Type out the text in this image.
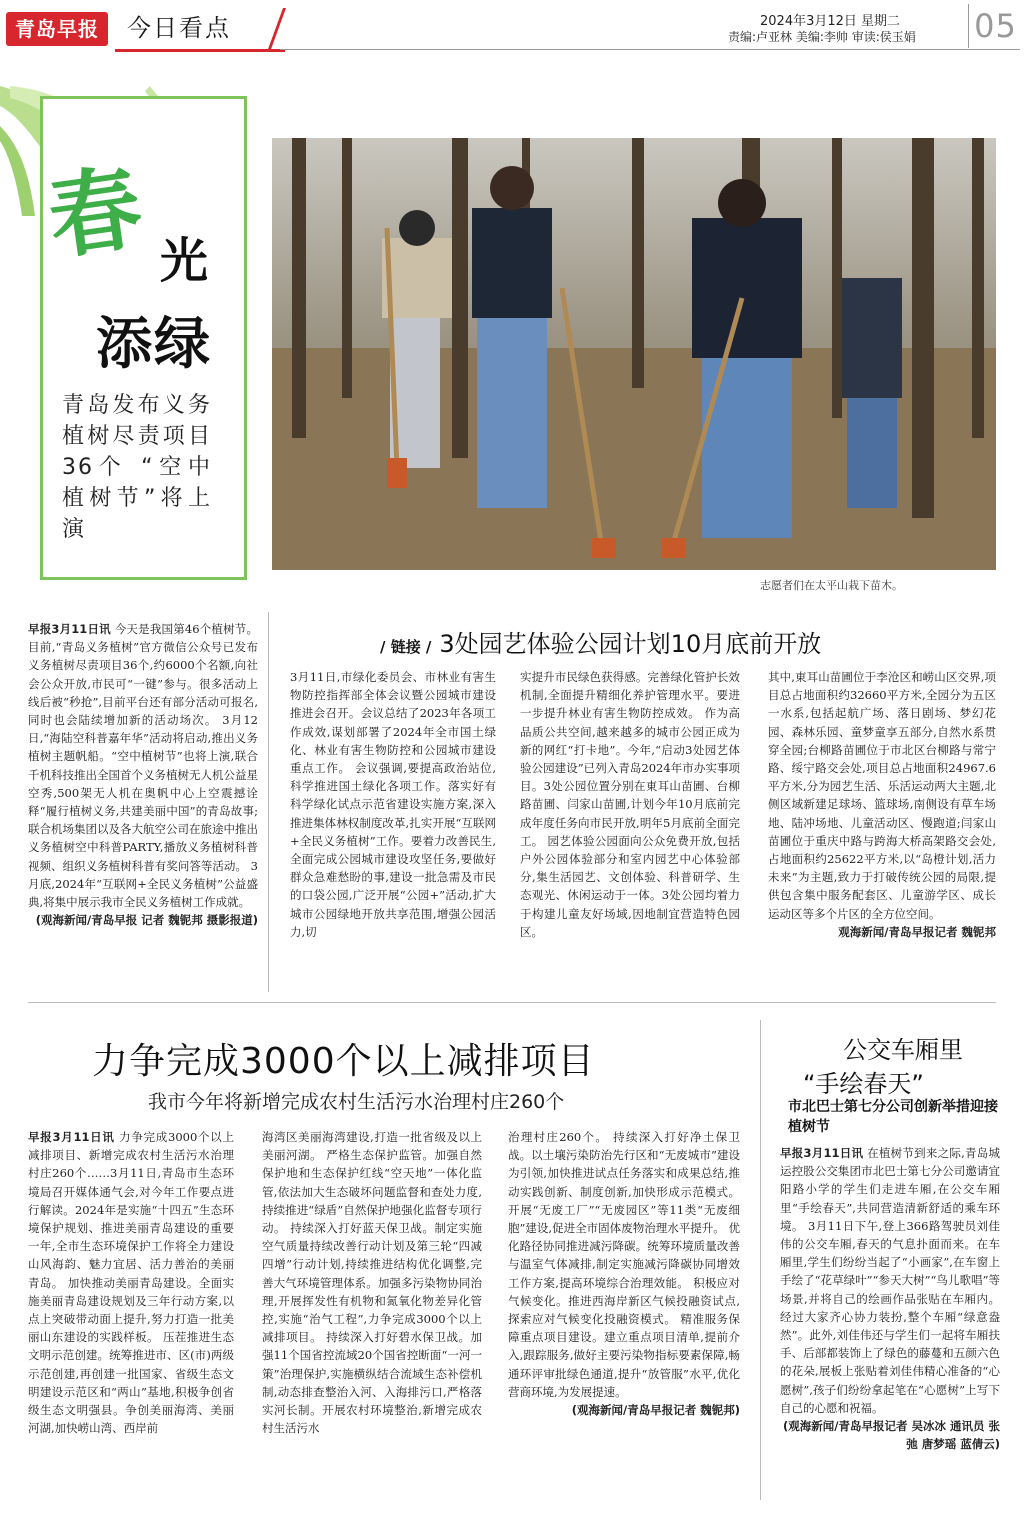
青岛早报	今日看点	2024年3月12日 星期二
责编:卢亚林 美编:李帅 审读:侯玉娟 05
春 光
添绿
青岛发布义务植树尽责项目36个 “空中植树节”将上演
志愿者们在太平山栽下苗木。
早报3月11日讯 今天是我国第46个植树节。目前,“青岛义务植树”官方微信公众号已发布义务植树尽责项目36个,约6000个名额,向社会公众开放,市民可“一键”参与。很多活动上线后被“秒抢”,目前平台还有部分活动可报名,同时也会陆续增加新的活动场次。 3月12日,“海陆空科普嘉年华”活动将启动,推出义务植树主题帆船。“空中植树节”也将上演,联合千机科技推出全国首个义务植树无人机公益星空秀,500架无人机在奥帆中心上空震撼诠释“履行植树义务,共建美丽中国”的青岛故事;联合机场集团以及各大航空公司在旅途中推出义务植树空中科普PARTY,播放义务植树科普视频、组织义务植树科普有奖问答等活动。 3月底,2024年“互联网+全民义务植树”公益盛典,将集中展示我市全民义务植树工作成就。
(观海新闻/青岛早报 记者 魏铌邦 摄影报道)
/ 链接 / 3处园艺体验公园计划10月底前开放
3月11日,市绿化委员会、市林业有害生物防控指挥部全体会议暨公园城市建设推进会召开。会议总结了2023年各项工作成效,谋划部署了2024年全市国土绿化、林业有害生物防控和公园城市建设重点工作。 会议强调,要提高政治站位,科学推进国土绿化各项工作。落实好有科学绿化试点示范省建设实施方案,深入推进集体林权制度改革,扎实开展“互联网+全民义务植树”工作。要着力改善民生,全面完成公园城市建设攻坚任务,要做好群众急难愁盼的事,建设一批急需及市民的口袋公园,广泛开展“公园+”活动,扩大城市公园绿地开放共享范围,增强公园活力,切
实提升市民绿色获得感。完善绿化管护长效机制,全面提升精细化养护管理水平。要进一步提升林业有害生物防控成效。 作为高品质公共空间,越来越多的城市公园正成为新的网红“打卡地”。今年,“启动3处园艺体验公园建设”已列入青岛2024年市办实事项目。3处公园位置分别在東耳山苗圃、台柳路苗圃、闫家山苗圃,计划今年10月底前完成年度任务向市民开放,明年5月底前全面完工。 园艺体验公园面向公众免费开放,包括户外公园体验部分和室内园艺中心体验部分,集生活园艺、文创体验、科普研学、生态观光、休闲运动于一体。3处公园均着力于构建儿童友好场域,因地制宜营造特色园区。
其中,東耳山苗圃位于李沧区和崂山区交界,项目总占地面积约32660平方米,全园分为五区一水系,包括起航广场、落日剧场、梦幻花园、森林乐园、童梦童享五部分,自然水系贯穿全园;台柳路苗圃位于市北区台柳路与常宁路、绥宁路交会处,项目总占地面积24967.6平方米,分为园艺生活、乐活运动两大主题,北侧区域新建足球场、篮球场,南侧设有草车场地、陆冲场地、儿童活动区、慢跑道;闫家山苗圃位于重庆中路与跨海大桥高架路交会处,占地面积约25622平方米,以“岛橙计划,活力未来”为主题,致力于打破传统公园的局限,提供包含集中服务配套区、儿童游学区、成长运动区等多个片区的全方位空间。
观海新闻/青岛早报记者 魏铌邦
力争完成3000个以上减排项目
我市今年将新增完成农村生活污水治理村庄260个
早报3月11日讯 力争完成3000个以上减排项目、新增完成农村生活污水治理村庄260个……3月11日,青岛市生态环境局召开媒体通气会,对今年工作要点进行解读。2024年是实施“十四五”生态环境保护规划、推进美丽青岛建设的重要一年,全市生态环境保护工作将全力建设山风海韵、魅力宜居、活力善治的美丽青岛。 加快推动美丽青岛建设。全面实施美丽青岛建设规划及三年行动方案,以点上突破带动面上提升,努力打造一批美丽山东建设的实践样板。 压茬推进生态文明示范创建。统筹推进市、区(市)两级示范创建,再创建一批国家、省级生态文明建设示范区和“两山”基地,积极争创省级生态文明强县。争创美丽海湾、美丽河湖,加快崂山湾、西岸前
海湾区美丽海湾建设,打造一批省级及以上美丽河湖。 严格生态保护监管。加强自然保护地和生态保护红线“空天地”一体化监管,依法加大生态破坏问题监督和查处力度,持续推进“绿盾”自然保护地强化监督专项行动。 持续深入打好蓝天保卫战。制定实施空气质量持续改善行动计划及第三轮“四减四增”行动计划,持续推进结构优化调整,完善大气环境管理体系。加强多污染物协同治理,开展挥发性有机物和氮氧化物差异化管控,实施“治气工程”,力争完成3000个以上减排项目。 持续深入打好碧水保卫战。加强11个国省控流域20个国省控断面“一河一策”治理保护,实施横纵结合流域生态补偿机制,动态排查整治入河、入海排污口,严格落实河长制。开展农村环境整治,新增完成农村生活污水
治理村庄260个。 持续深入打好净土保卫战。以土壤污染防治先行区和“无废城市”建设为引领,加快推进试点任务落实和成果总结,推动实践创新、制度创新,加快形成示范模式。开展“无废工厂”“无废园区”等11类“无废细胞”建设,促进全市固体废物治理水平提升。 优化路径协同推进减污降碳。统筹环境质量改善与温室气体减排,制定实施减污降碳协同增效工作方案,提高环境综合治理效能。 积极应对气候变化。推进西海岸新区气候投融资试点,探索应对气候变化投融资模式。 精准服务保障重点项目建设。建立重点项目清单,提前介入,跟踪服务,做好主要污染物指标要素保障,畅通环评审批绿色通道,提升“放管服”水平,优化营商环境,为发展提速。
(观海新闻/青岛早报记者 魏铌邦)
公交车厢里
“手绘春天”
市北巴士第七分公司创新举措迎接植树节
早报3月11日讯 在植树节到来之际,青岛城运控股公交集团市北巴士第七分公司邀请宜阳路小学的学生们走进车厢,在公交车厢里“手绘春天”,共同营造清新舒适的乘车环境。 3月11日下午,登上366路驾驶员刘佳伟的公交车厢,春天的气息扑面而来。在车厢里,学生们纷纷当起了“小画家”,在车窗上手绘了“花草绿叶”“参天大树”“鸟儿歌唱”等场景,并将自己的绘画作品张贴在车厢内。经过大家齐心协力装扮,整个车厢“绿意盎然”。此外,刘佳伟还与学生们一起将车厢扶手、后部都装饰上了绿色的藤蔓和五颜六色的花朵,展板上张贴着刘佳伟精心准备的“心愿树”,孩子们纷纷拿起笔在“心愿树”上写下自己的心愿和祝福。
(观海新闻/青岛早报记者 吴冰冰 通讯员 张弛 唐梦瑶 蓝倩云)
